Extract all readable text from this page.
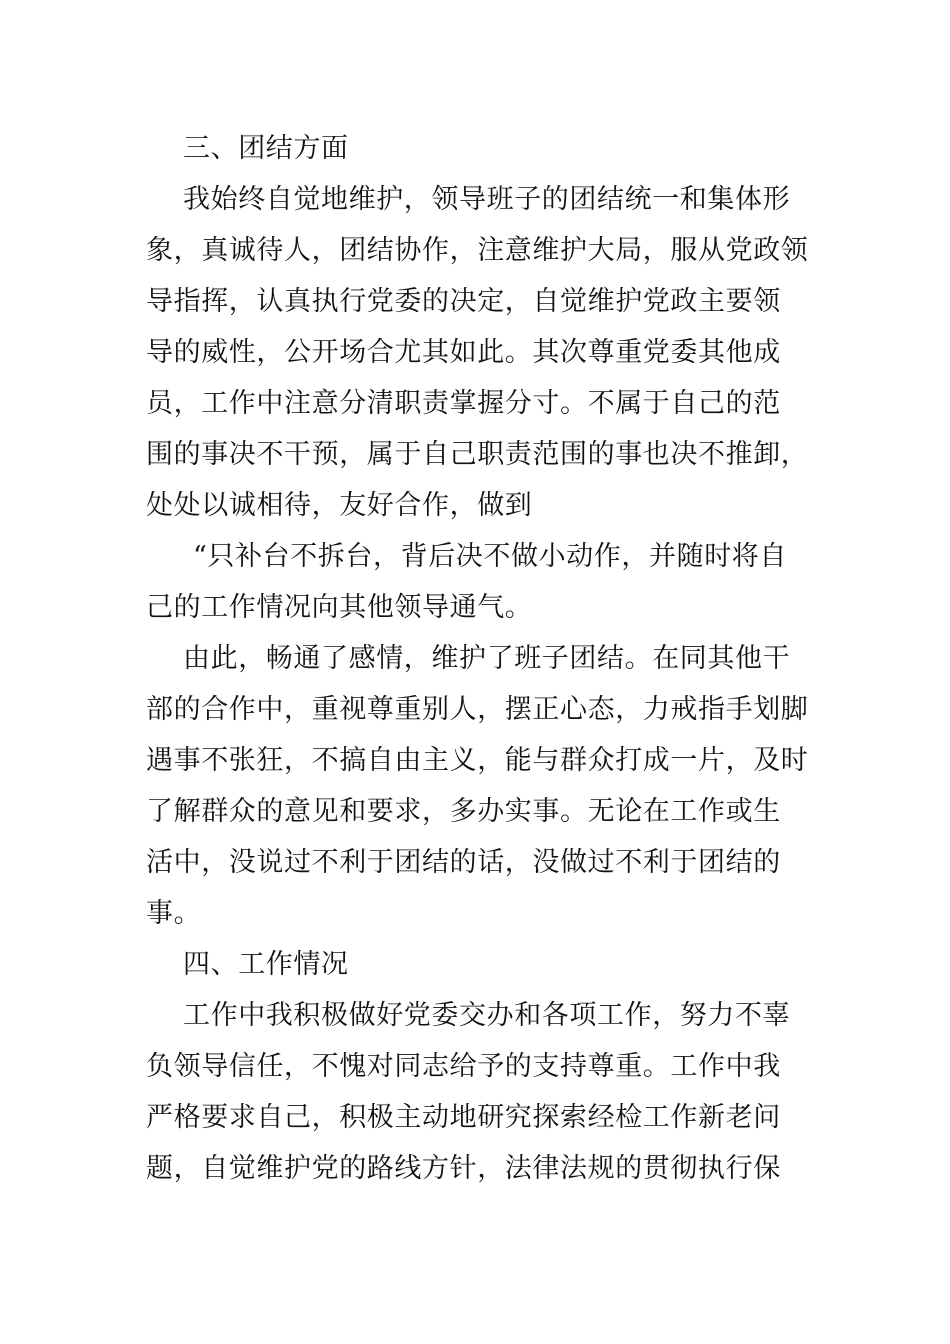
三、团结方面
我始终自觉地维护，领导班子的团结统一和集体形
象，真诚待人，团结协作，注意维护大局，服从党政领
导指挥，认真执行党委的决定，自觉维护党政主要领
导的威性，公开场合尤其如此。其次尊重党委其他成
员，工作中注意分清职责掌握分寸。不属于自己的范
围的事决不干预，属于自己职责范围的事也决不推卸，
处处以诚相待，友好合作，做到
“只补台不拆台，背后决不做小动作，并随时将自
己的工作情况向其他领导通气。
由此，畅通了感情，维护了班子团结。在同其他干
部的合作中，重视尊重别人，摆正心态，力戒指手划脚
遇事不张狂，不搞自由主义，能与群众打成一片，及时
了解群众的意见和要求，多办实事。无论在工作或生
活中，没说过不利于团结的话，没做过不利于团结的
事。
四、工作情况
工作中我积极做好党委交办和各项工作，努力不辜
负领导信任，不愧对同志给予的支持尊重。工作中我
严格要求自己，积极主动地研究探索经检工作新老问
题，自觉维护党的路线方针，法律法规的贯彻执行保
